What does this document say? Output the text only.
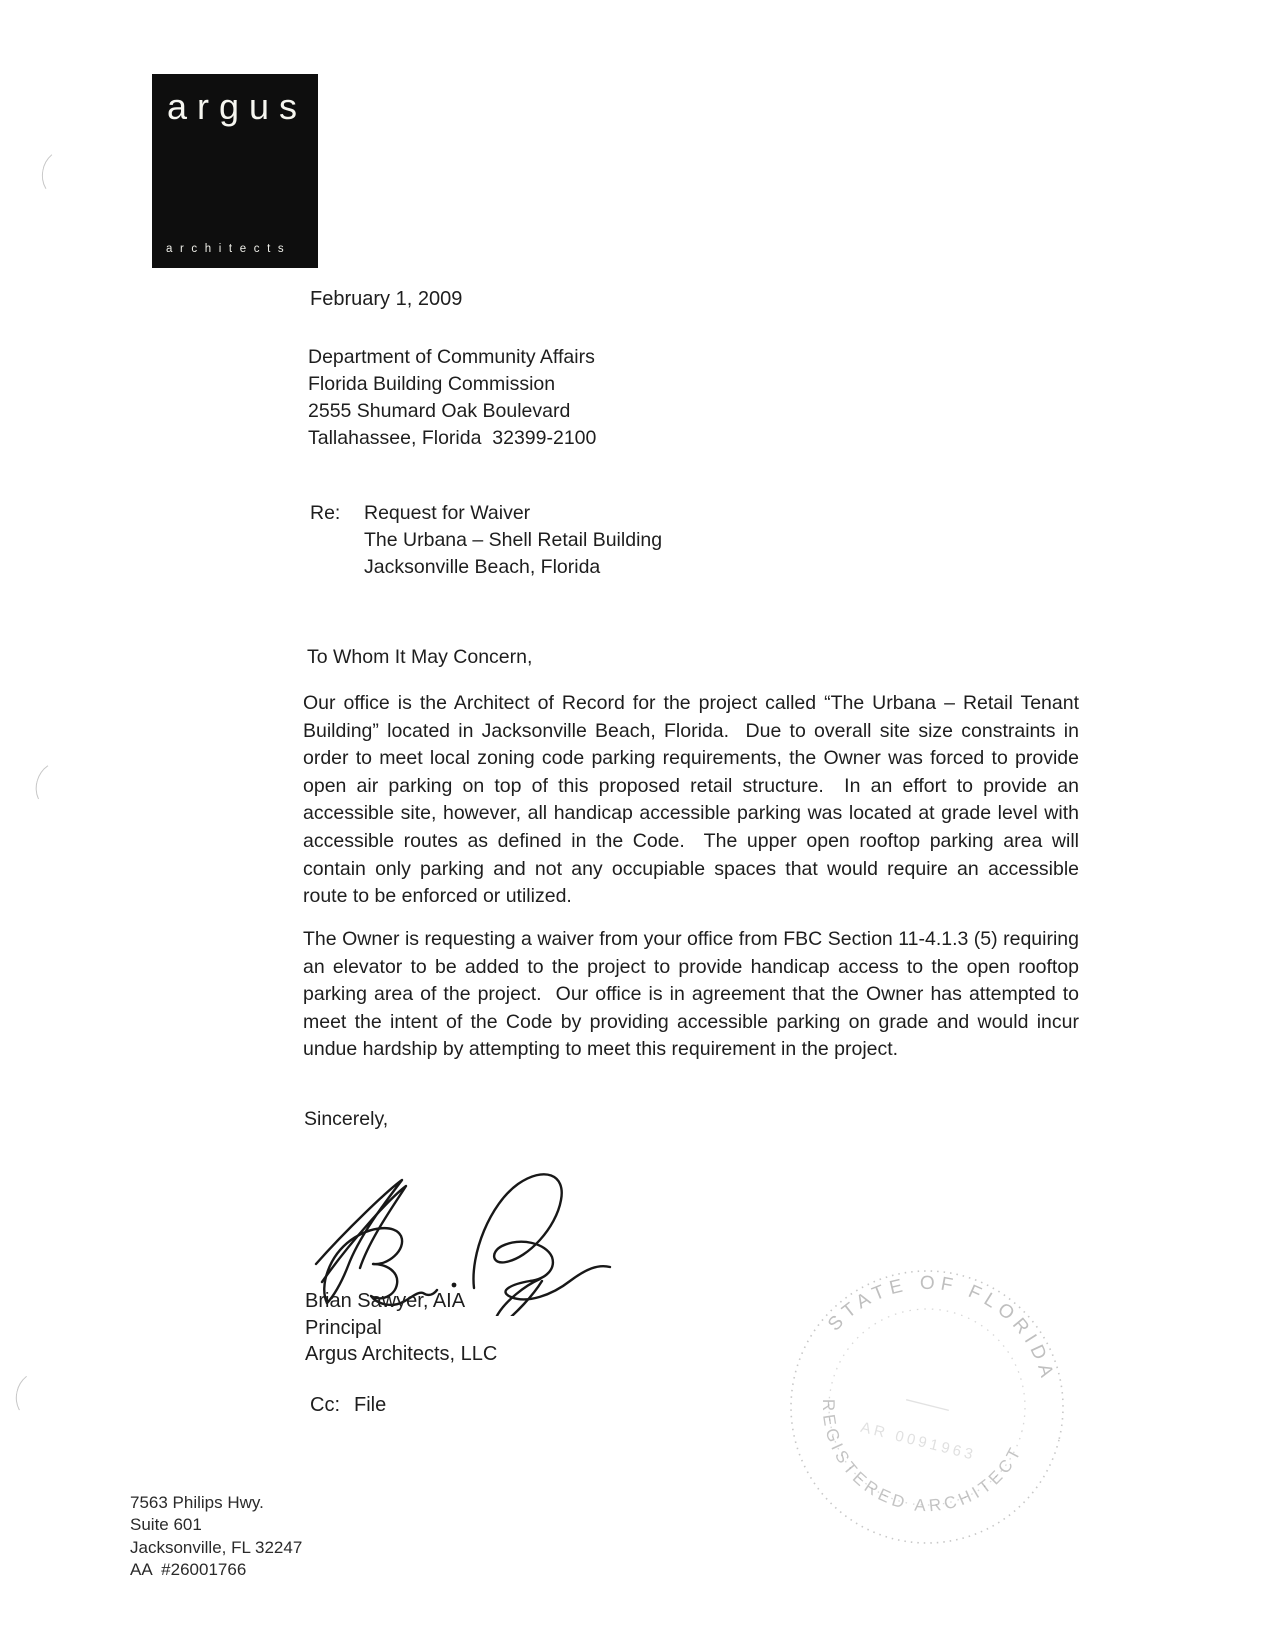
argus
architects
February 1, 2009
Department of Community Affairs
Florida Building Commission
2555 Shumard Oak Boulevard
Tallahassee, Florida  32399-2100
Re:	Request for Waiver
The Urbana – Shell Retail Building
Jacksonville Beach, Florida
To Whom It May Concern,

Our office is the Architect of Record for the project called “The Urbana – Retail Tenant Building” located in Jacksonville Beach, Florida.  Due to overall site size constraints in order to meet local zoning code parking requirements, the Owner was forced to provide open air parking on top of this proposed retail structure.  In an effort to provide an accessible site, however, all handicap accessible parking was located at grade level with accessible routes as defined in the Code.  The upper open rooftop parking area will contain only parking and not any occupiable spaces that would require an accessible route to be enforced or utilized.

The Owner is requesting a waiver from your office from FBC Section 11-4.1.3 (5) requiring an elevator to be added to the project to provide handicap access to the open rooftop parking area of the project.  Our office is in agreement that the Owner has attempted to meet the intent of the Code by providing accessible parking on grade and would incur undue hardship by attempting to meet this requirement in the project.

Sincerely,
Brian Sawyer, AIA
Principal
Argus Architects, LLC
Cc: File
7563 Philips Hwy.
Suite 601
Jacksonville, FL 32247
AA  #26001766
STATE OF FLORIDA
REGISTERED ARCHITECT
AR 0091963
